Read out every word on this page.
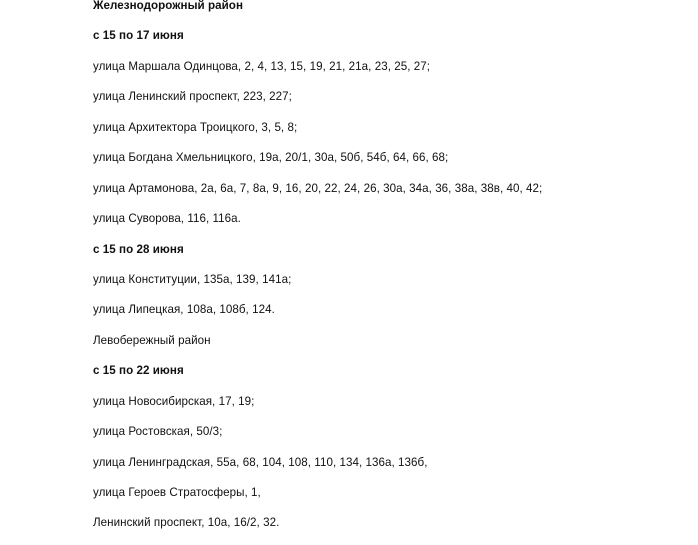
Железнодорожный район
с 15 по 17 июня
улица Маршала Одинцова, 2, 4, 13, 15, 19, 21, 21а, 23, 25, 27;
улица Ленинский проспект, 223, 227;
улица Архитектора Троицкого, 3, 5, 8;
улица Богдана Хмельницкого, 19а, 20/1, 30а, 50б, 54б, 64, 66, 68;
улица Артамонова, 2а, 6а, 7, 8а, 9, 16, 20, 22, 24, 26, 30а, 34а, 36, 38а, 38в, 40, 42;
улица Суворова, 116, 116а.
с 15 по 28 июня
улица Конституции, 135а, 139, 141а;
улица Липецкая, 108а, 108б, 124.
Левобережный район
с 15 по 22 июня
улица Новосибирская, 17, 19;
улица Ростовская, 50/3;
улица Ленинградская, 55а, 68, 104, 108, 110, 134, 136а, 136б,
улица Героев Стратосферы, 1,
Ленинский проспект, 10а, 16/2, 32.
